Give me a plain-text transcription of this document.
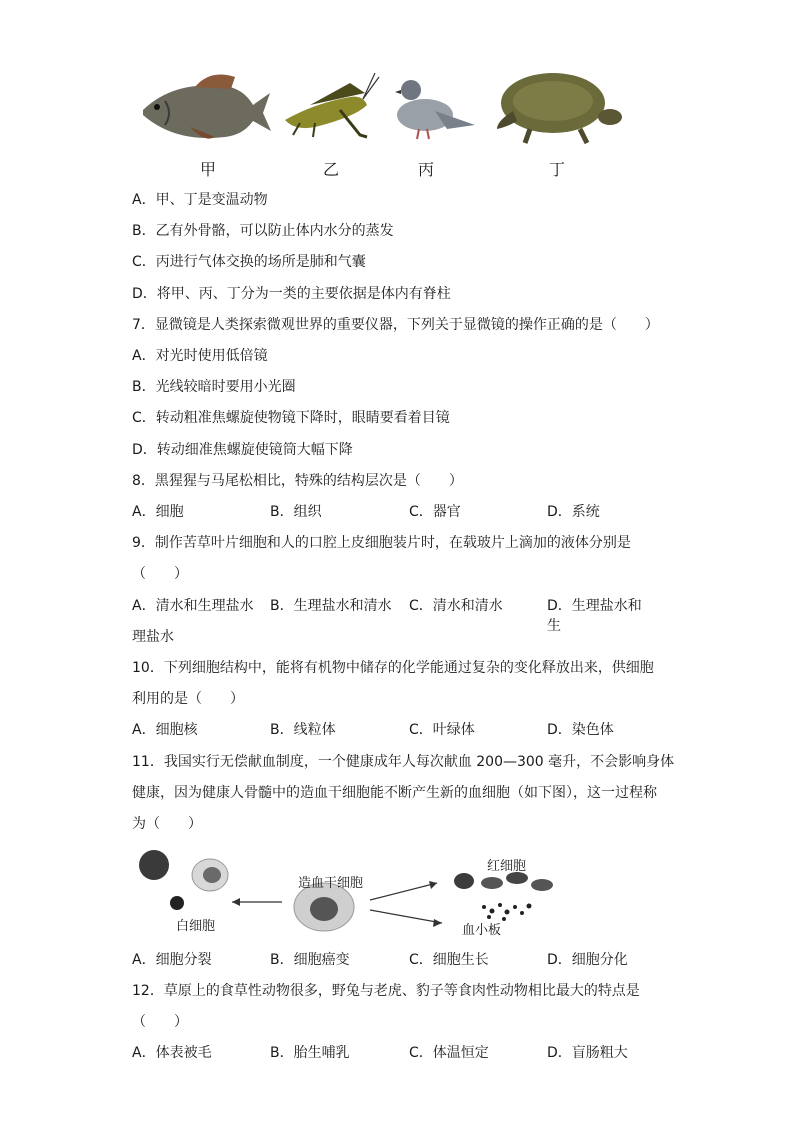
甲	乙	丙	丁
A．甲、丁是变温动物
B．乙有外骨骼，可以防止体内水分的蒸发
C．丙进行气体交换的场所是肺和气囊
D．将甲、丙、丁分为一类的主要依据是体内有脊柱
7．显微镜是人类探索微观世界的重要仪器，下列关于显微镜的操作正确的是（　　）
A．对光时使用低倍镜
B．光线较暗时要用小光圈
C．转动粗准焦螺旋使物镜下降时，眼睛要看着目镜
D．转动细准焦螺旋使镜筒大幅下降
8．黑猩猩与马尾松相比，特殊的结构层次是（　　）
A．细胞	B．组织	C．器官	D．系统
9．制作苦草叶片细胞和人的口腔上皮细胞装片时，在载玻片上滴加的液体分别是
（　　）
A．清水和生理盐水 B．生理盐水和清水 C．清水和清水	D．生理盐水和生
理盐水
10．下列细胞结构中，能将有机物中储存的化学能通过复杂的变化释放出来，供细胞
利用的是（　　）
A．细胞核	B．线粒体	C．叶绿体	D．染色体
11．我国实行无偿献血制度，一个健康成年人每次献血 200—300 毫升，不会影响身体
健康，因为健康人骨髓中的造血干细胞能不断产生新的血细胞（如下图），这一过程称
为（　　）
造血干细胞
白细胞
红细胞
血小板
A．细胞分裂	B．细胞癌变	C．细胞生长	D．细胞分化
12．草原上的食草性动物很多，野兔与老虎、豹子等食肉性动物相比最大的特点是
（　　）
A．体表被毛	B．胎生哺乳	C．体温恒定	D．盲肠粗大
